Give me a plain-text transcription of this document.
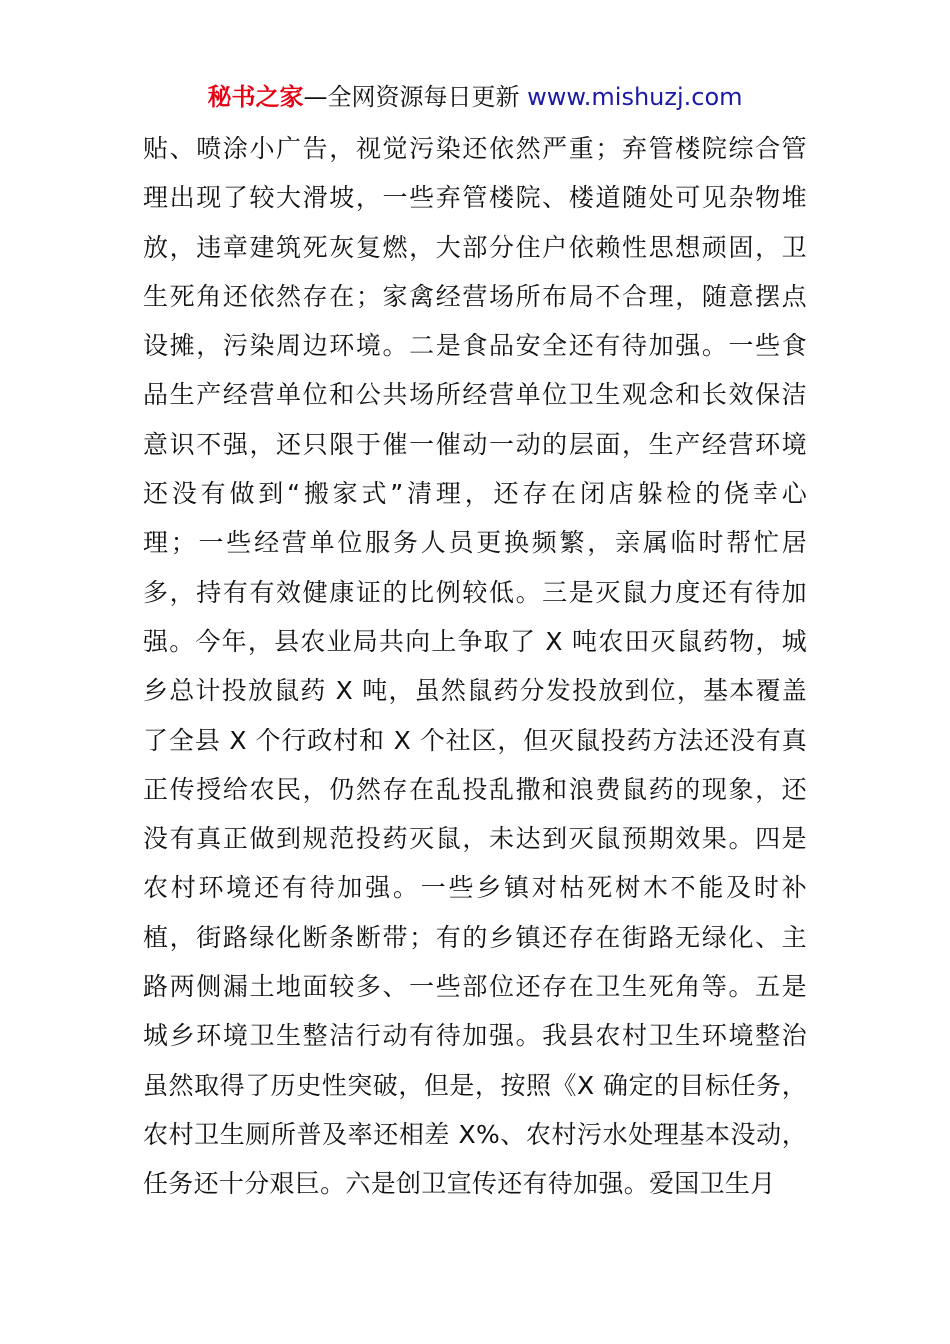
秘书之家—全网资源每日更新 www.mishuzj.com
贴、喷涂小广告，视觉污染还依然严重；弃管楼院综合管
理出现了较大滑坡，一些弃管楼院、楼道随处可见杂物堆
放，违章建筑死灰复燃，大部分住户依赖性思想顽固，卫
生死角还依然存在；家禽经营场所布局不合理，随意摆点
设摊，污染周边环境。二是食品安全还有待加强。一些食
品生产经营单位和公共场所经营单位卫生观念和长效保洁
意识不强，还只限于催一催动一动的层面，生产经营环境
还没有做到“搬家式”清理，还存在闭店躲检的侥幸心
理；一些经营单位服务人员更换频繁，亲属临时帮忙居
多，持有有效健康证的比例较低。三是灭鼠力度还有待加
强。今年，县农业局共向上争取了 X 吨农田灭鼠药物，城
乡总计投放鼠药 X 吨，虽然鼠药分发投放到位，基本覆盖
了全县 X 个行政村和 X 个社区，但灭鼠投药方法还没有真
正传授给农民，仍然存在乱投乱撒和浪费鼠药的现象，还
没有真正做到规范投药灭鼠，未达到灭鼠预期效果。四是
农村环境还有待加强。一些乡镇对枯死树木不能及时补
植，街路绿化断条断带；有的乡镇还存在街路无绿化、主
路两侧漏土地面较多、一些部位还存在卫生死角等。五是
城乡环境卫生整洁行动有待加强。我县农村卫生环境整治
虽然取得了历史性突破，但是，按照《X 确定的目标任务，
农村卫生厕所普及率还相差 X%、农村污水处理基本没动，
任务还十分艰巨。六是创卫宣传还有待加强。爱国卫生月
